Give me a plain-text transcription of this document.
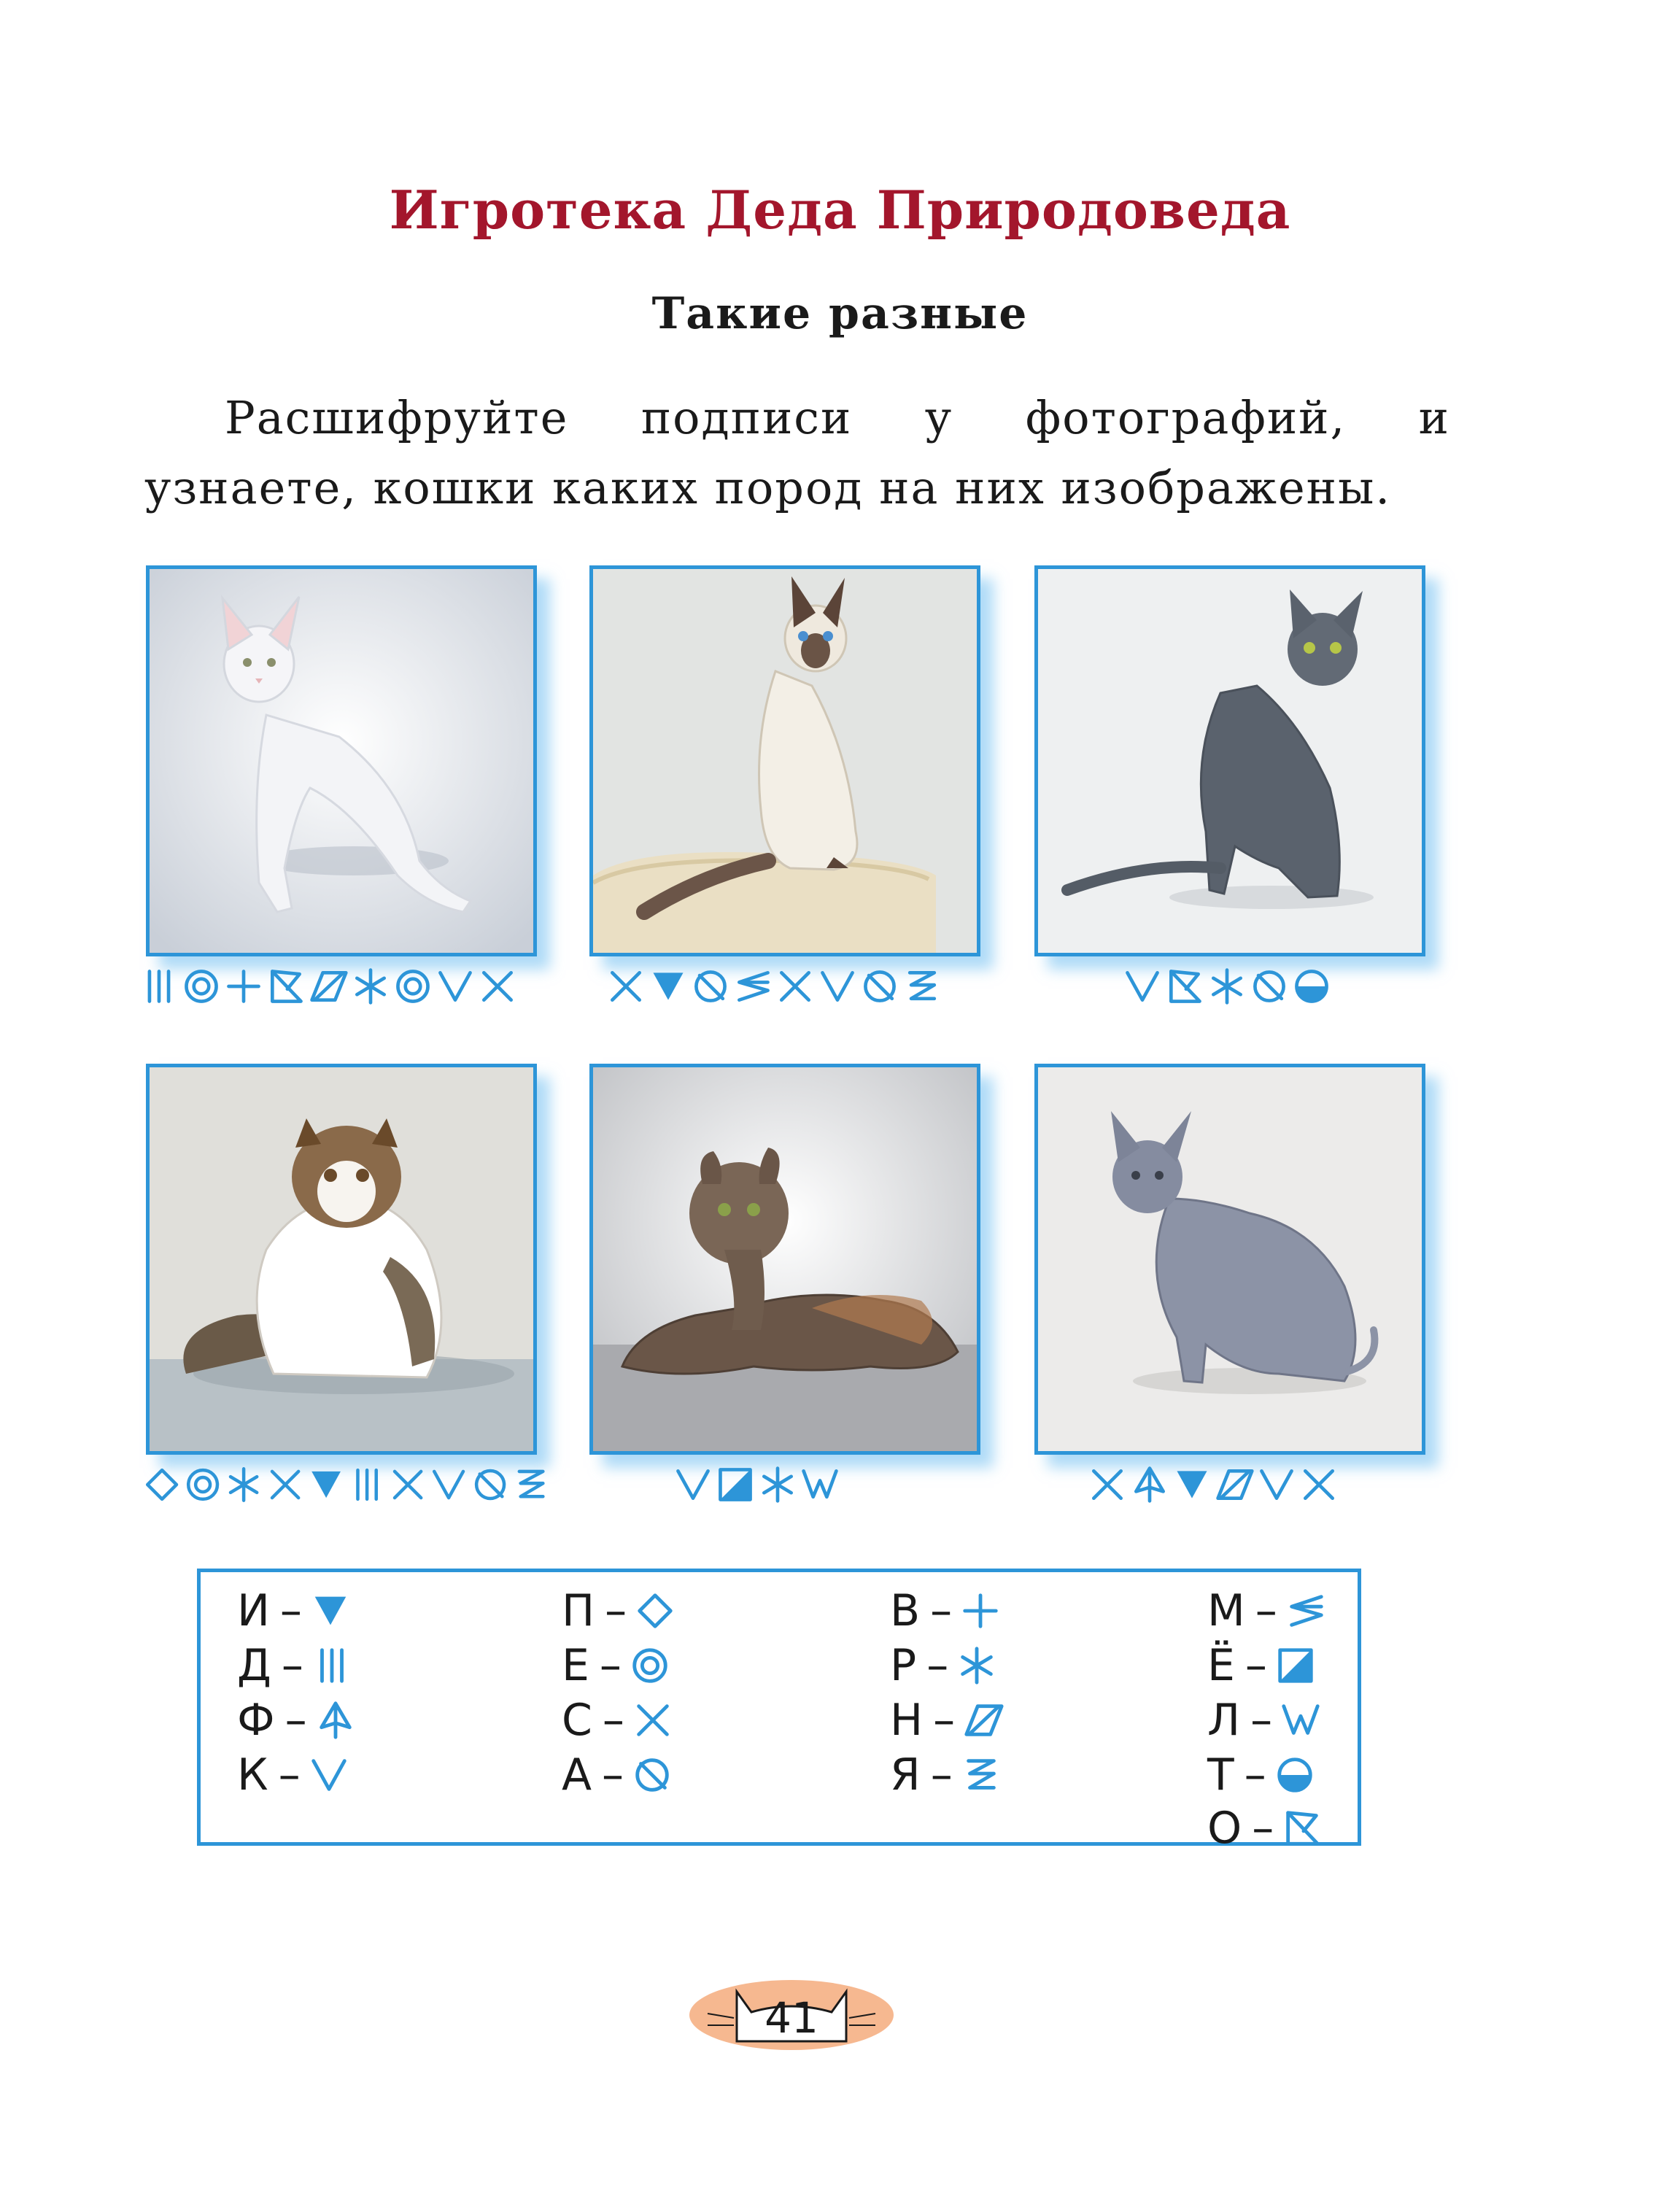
Игротека Деда Природоведа
Такие разные
Расшифруйте подписи у фотографий, и узнаете, кошки каких пород на них изображены.
И –
Д –
Ф –
К –
П –
Е –
С –
А –
В –
Р –
Н –
Я –
М –
Ё –
Л –
Т –
О –
41
